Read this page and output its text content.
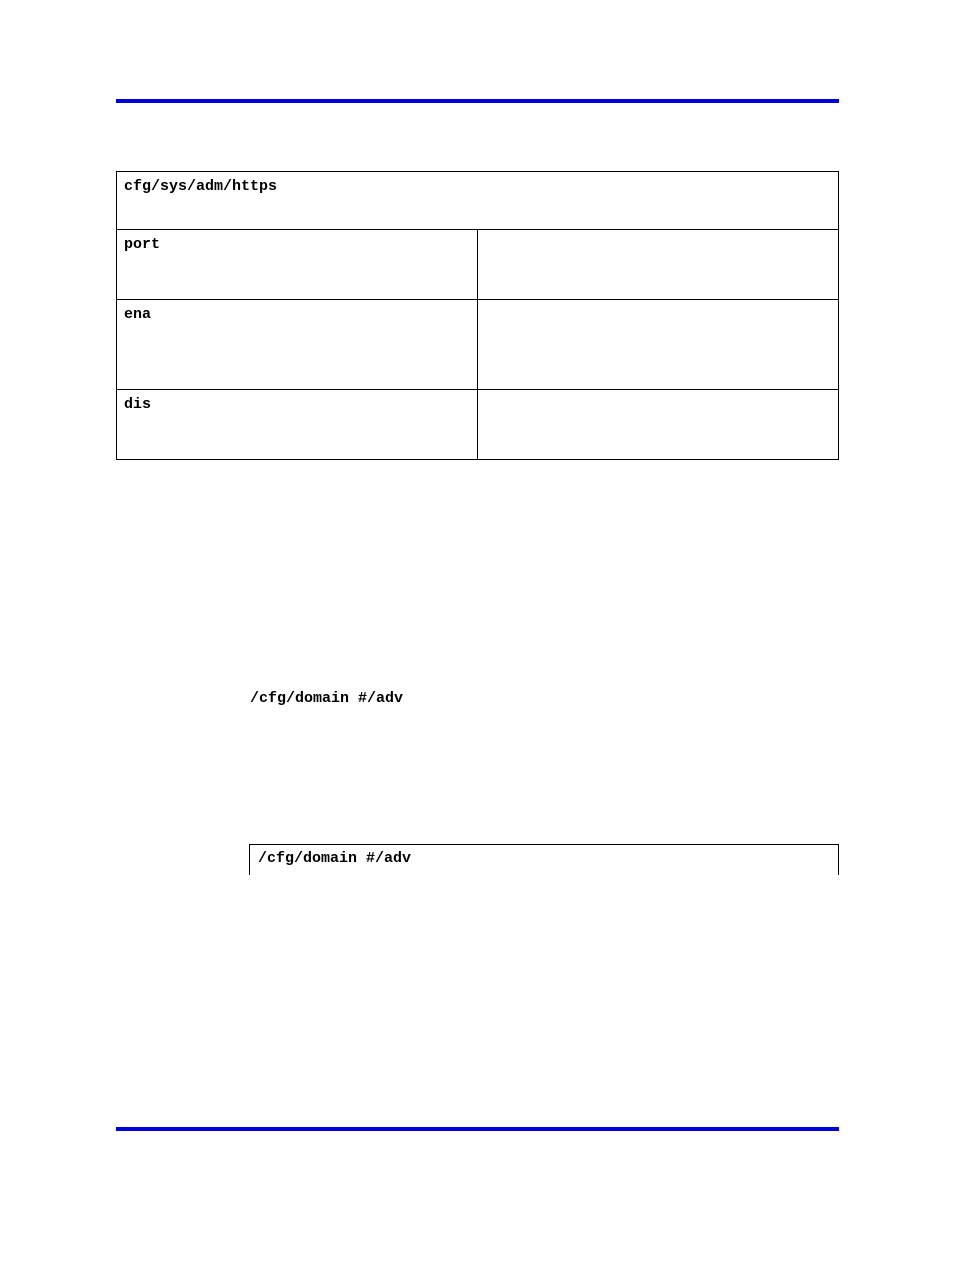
cfg/sys/adm/https	
port	
ena	
dis	
/cfg/domain #/adv
/cfg/domain #/adv
